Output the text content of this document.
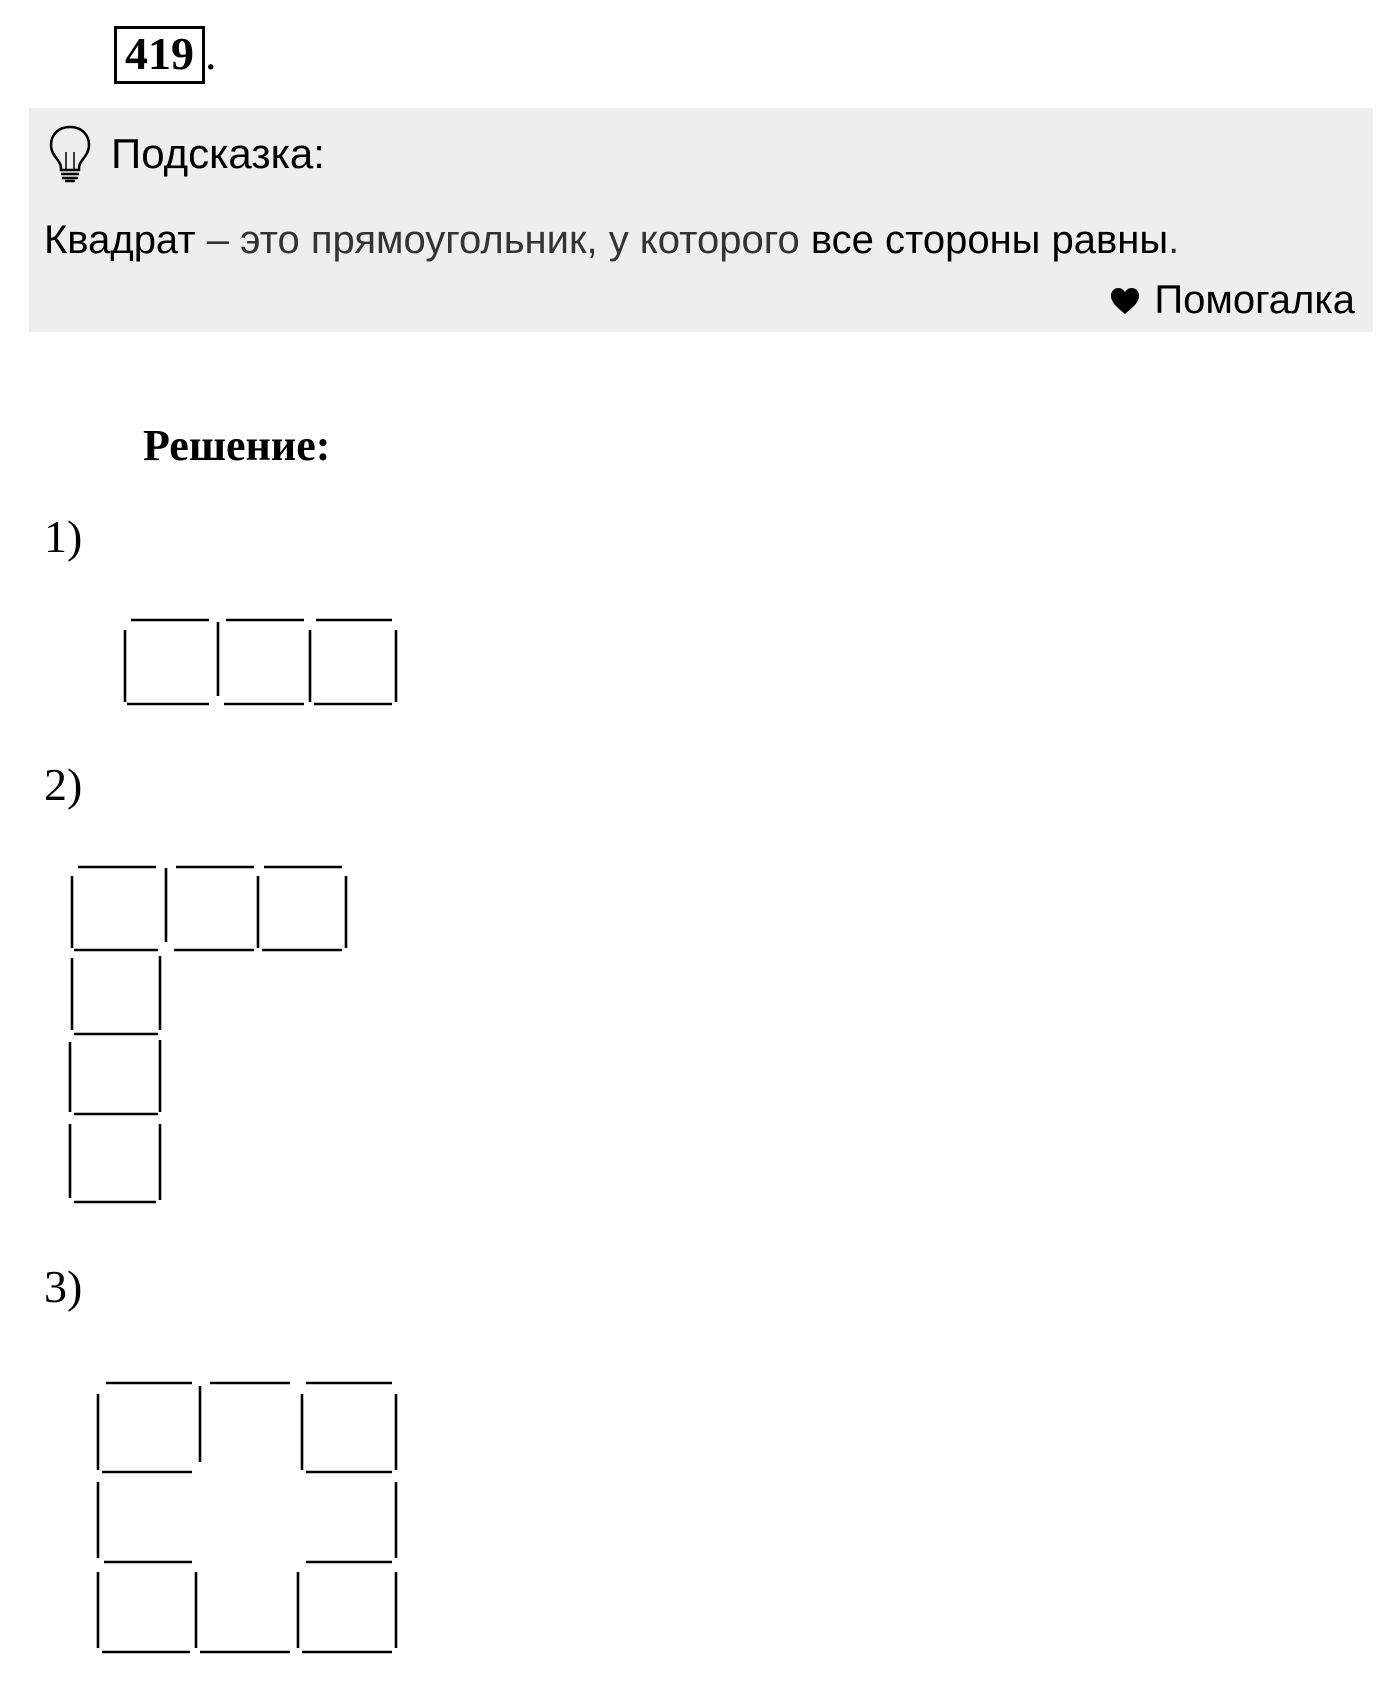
419 .
Подсказка:
Квадрат – это прямоугольник, у которого все стороны равны.
Помогалка
Решение:
1)
2)
3)
